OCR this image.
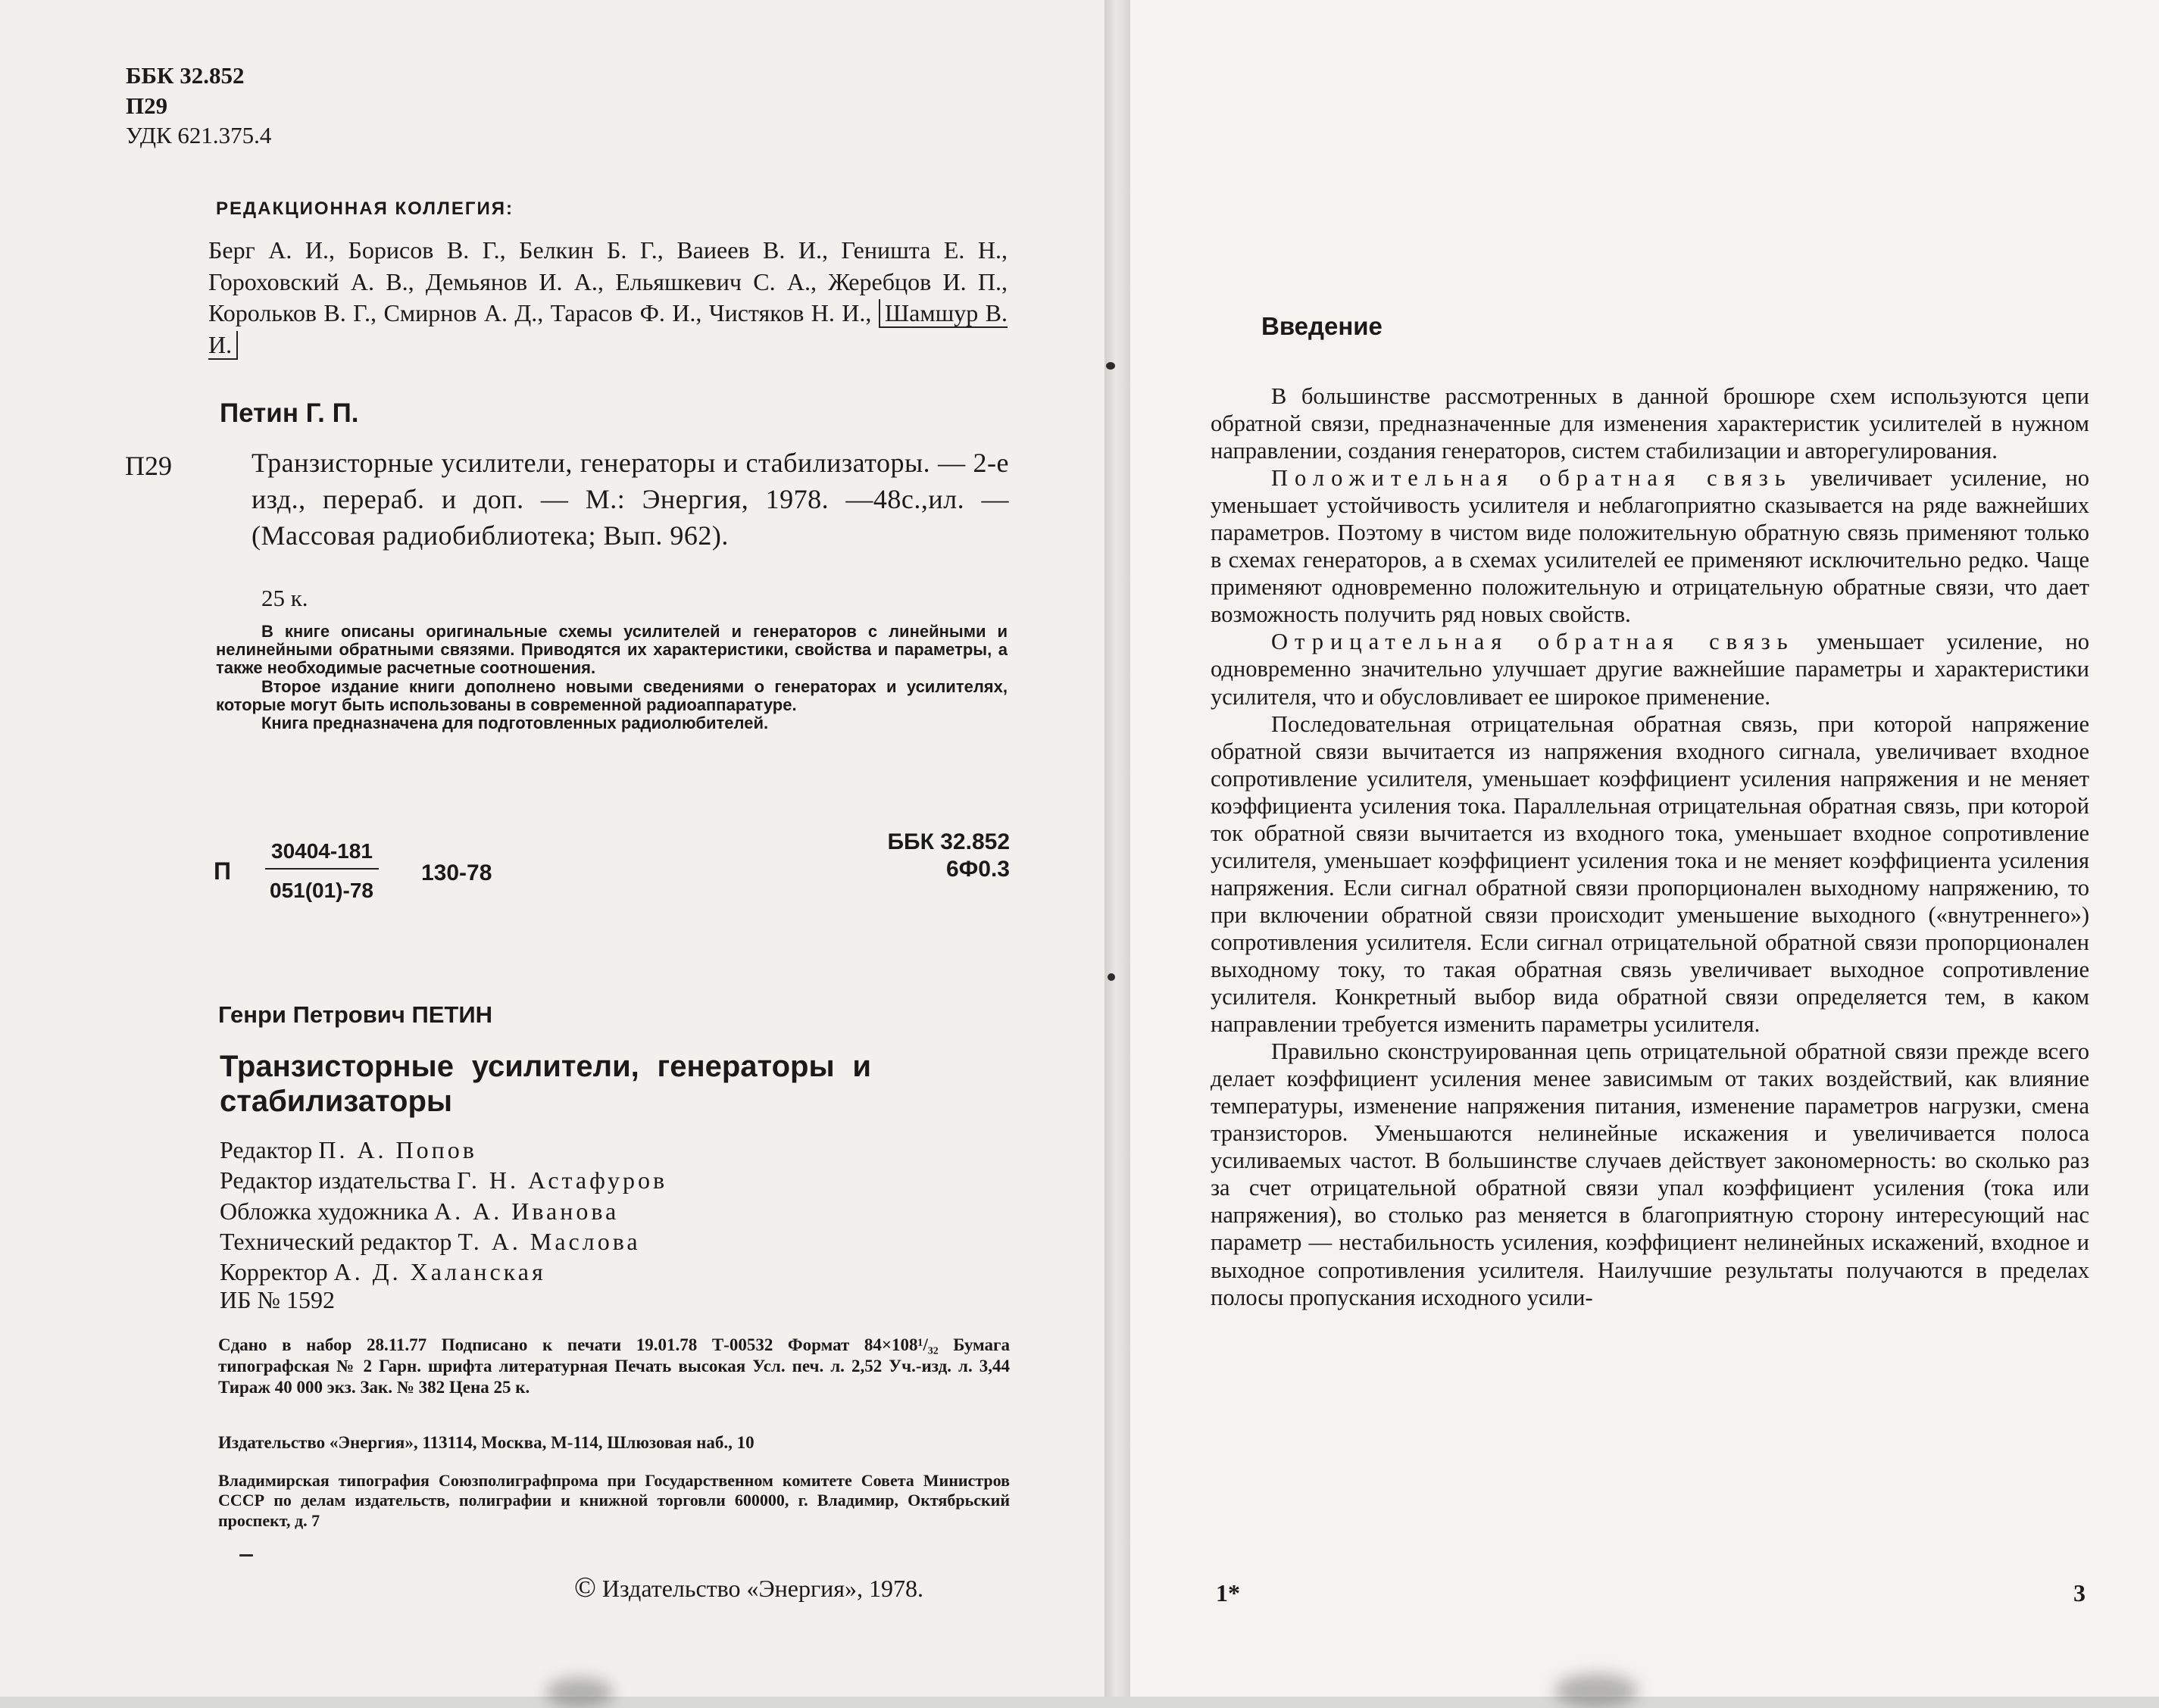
ББК 32.852
П29
УДК 621.375.4
РЕДАКЦИОННАЯ КОЛЛЕГИЯ:
Берг А. И., Борисов В. Г., Белкин Б. Г., Ваиеев В. И., Геништа Е. Н., Гороховский А. В., Демьянов И. А., Ельяшкевич С. А., Жеребцов И. П., Корольков В. Г., Смирнов А. Д., Тарасов Ф. И., Чистяков Н. И., Шамшур В. И.
Петин Г. П.
П29	Транзисторные усилители, генераторы и стабилизаторы. — 2-е изд., перераб. и доп. — М.: Энергия, 1978. —48с.,ил. — (Массовая радиобиблиотека; Вып. 962).
25 к.

В книге описаны оригинальные схемы усилителей и генераторов с линейными и нелинейными обратными связями. Приводятся их характеристики, свойства и параметры, а также необходимые расчетные соотношения.

Второе издание книги дополнено новыми сведениями о генераторах и усилителях, которые могут быть использованы в современной радиоаппаратуре.

Книга предназначена для подготовленных радиолюбителей.

П
30404-181
051(01)-78
130-78
ББК 32.852
6Ф0.3
Генри Петрович ПЕТИН
Транзисторные усилители, генераторы и стабилизаторы
Редактор П. А. Попов
Редактор издательства Г. Н. Астафуров
Обложка художника А. А. Иванова
Технический редактор Т. А. Маслова
Корректор А. Д. Халанская
ИБ № 1592
Сдано в набор 28.11.77 Подписано к печати 19.01.78 Т-00532 Формат 84×108¹/₃₂ Бумага типографская № 2 Гарн. шрифта литературная Печать высокая Усл. печ. л. 2,52 Уч.-изд. л. 3,44 Тираж 40 000 экз. Зак. № 382 Цена 25 к.
Издательство «Энергия», 113114, Москва, М-114, Шлюзовая наб., 10
Владимирская типография Союзполиграфпрома при Государственном комитете Совета Министров СССР по делам издательств, полиграфии и книжной торговли 600000, г. Владимир, Октябрьский проспект, д. 7
© Издательство «Энергия», 1978.
Введение

В большинстве рассмотренных в данной брошюре схем используются цепи обратной связи, предназначенные для изменения характеристик усилителей в нужном направлении, создания генераторов, систем стабилизации и авторегулирования.

Положительная обратная связь увеличивает усиление, но уменьшает устойчивость усилителя и неблагоприятно сказывается на ряде важнейших параметров. Поэтому в чистом виде положительную обратную связь применяют только в схемах генераторов, а в схемах усилителей ее применяют исключительно редко. Чаще применяют одновременно положительную и отрицательную обратные связи, что дает возможность получить ряд новых свойств.

Отрицательная обратная связь уменьшает усиление, но одновременно значительно улучшает другие важнейшие параметры и характеристики усилителя, что и обусловливает ее широкое применение.

Последовательная отрицательная обратная связь, при которой напряжение обратной связи вычитается из напряжения входного сигнала, увеличивает входное сопротивление усилителя, уменьшает коэффициент усиления напряжения и не меняет коэффициента усиления тока. Параллельная отрицательная обратная связь, при которой ток обратной связи вычитается из входного тока, уменьшает входное сопротивление усилителя, уменьшает коэффициент усиления тока и не меняет коэффициента усиления напряжения. Если сигнал обратной связи пропорционален выходному напряжению, то при включении обратной связи происходит уменьшение выходного («внутреннего») сопротивления усилителя. Если сигнал отрицательной обратной связи пропорционален выходному току, то такая обратная связь увеличивает выходное сопротивление усилителя. Конкретный выбор вида обратной связи определяется тем, в каком направлении требуется изменить параметры усилителя.

Правильно сконструированная цепь отрицательной обратной связи прежде всего делает коэффициент усиления менее зависимым от таких воздействий, как влияние температуры, изменение напряжения питания, изменение параметров нагрузки, смена транзисторов. Уменьшаются нелинейные искажения и увеличивается полоса усиливаемых частот. В большинстве случаев действует закономерность: во сколько раз за счет отрицательной обратной связи упал коэффициент усиления (тока или напряжения), во столько раз меняется в благоприятную сторону интересующий нас параметр — нестабильность усиления, коэффициент нелинейных искажений, входное и выходное сопротивления усилителя. Наилучшие результаты получаются в пределах полосы пропускания исходного усили-

1*	3
